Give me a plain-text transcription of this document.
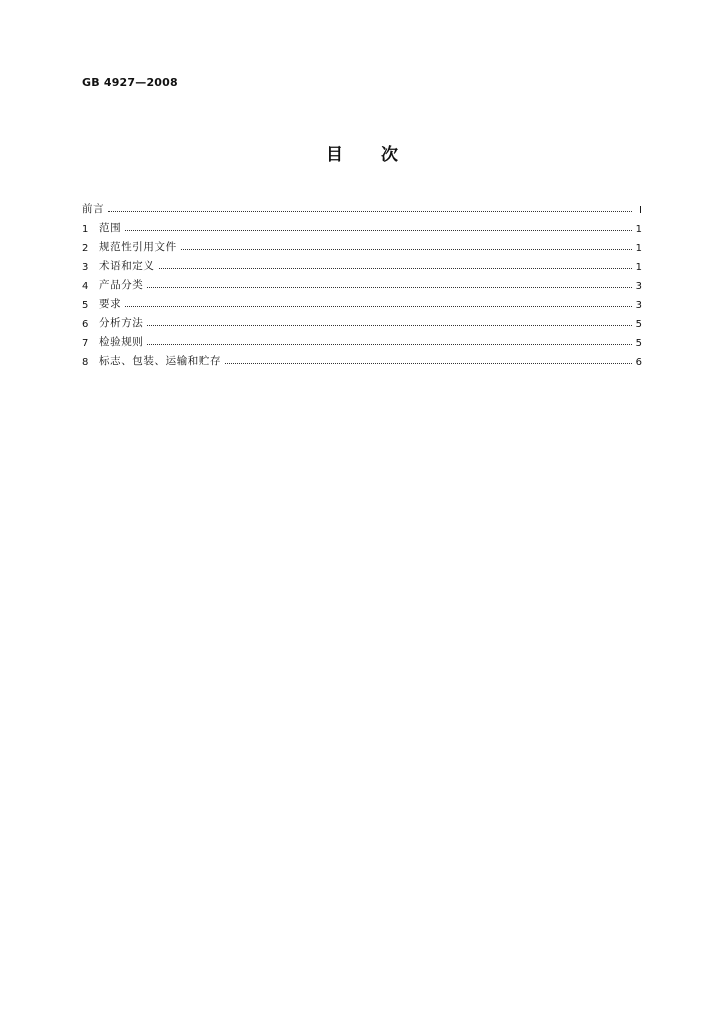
GB 4927—2008
目 次
前言	Ⅰ
1	范围	1
2	规范性引用文件	1
3	术语和定义	1
4	产品分类	3
5	要求	3
6	分析方法	5
7	检验规则	5
8	标志、包装、运输和贮存	6
